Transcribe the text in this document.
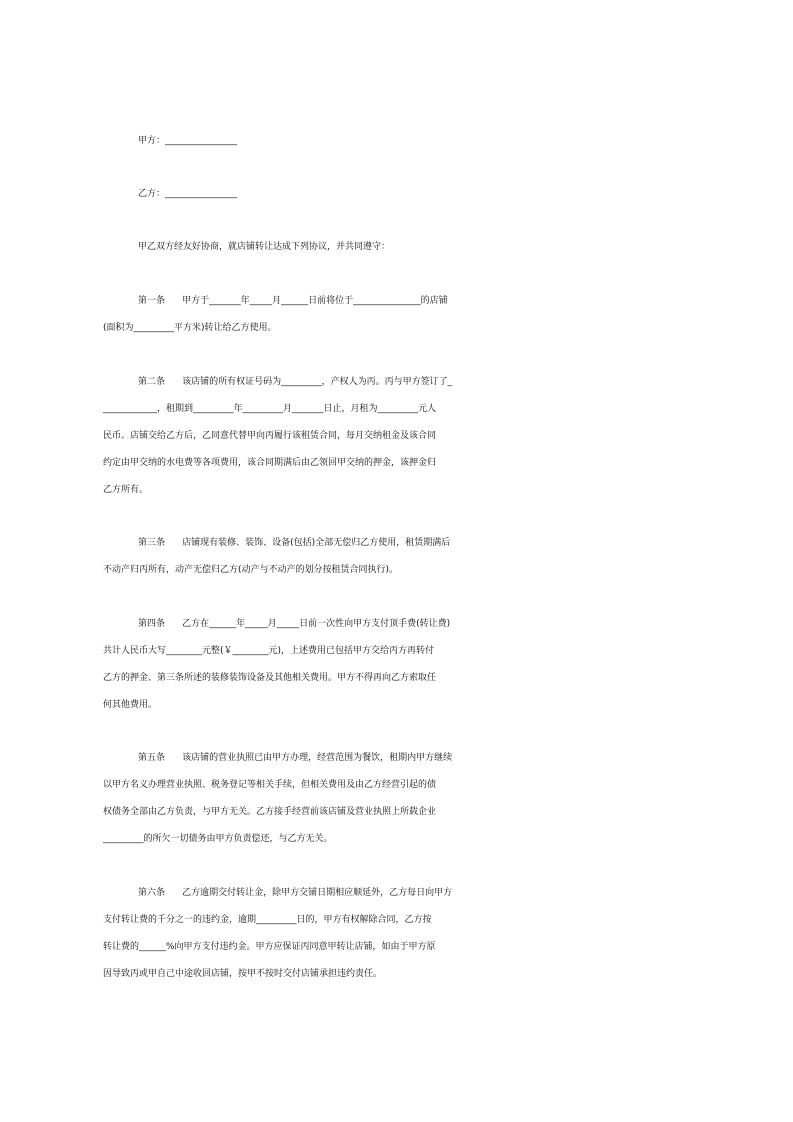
甲方：________________
乙方：________________
甲乙双方经友好协商，就店铺转让达成下列协议，并共同遵守：
第一条      甲方于_______年_____月______日前将位于_______________的店铺
(面积为_________平方米)转让给乙方使用。
第二条      该店铺的所有权证号码为_________，产权人为丙。丙与甲方签订了_
____________，租期到_________年_________月_______日止，月租为_________元人
民币。店铺交给乙方后，乙同意代替甲向丙履行该租赁合同，每月交纳租金及该合同
约定由甲交纳的水电费等各项费用，该合同期满后由乙领回甲交纳的押金，该押金归
乙方所有。
第三条      店铺现有装修、装饰、设备(包括)全部无偿归乙方使用，租赁期满后
不动产归丙所有，动产无偿归乙方(动产与不动产的划分按租赁合同执行)。
第四条      乙方在______年_____月_____日前一次性向甲方支付顶手费(转让费)
共计人民币大写________元整(￥________元)，上述费用已包括甲方交给丙方再转付
乙方的押金、第三条所述的装修装饰设备及其他相关费用。甲方不得再向乙方索取任
何其他费用。
第五条      该店铺的营业执照已由甲方办理，经营范围为餐饮，租期内甲方继续
以甲方名义办理营业执照、税务登记等相关手续，但相关费用及由乙方经营引起的债
权债务全部由乙方负责，与甲方无关。乙方接手经营前该店铺及营业执照上所载企业
_________的所欠一切债务由甲方负责偿还，与乙方无关。
第六条      乙方逾期交付转让金，除甲方交铺日期相应顺延外，乙方每日向甲方
支付转让费的千分之一的违约金，逾期_________日的，甲方有权解除合同，乙方按
转让费的______%向甲方支付违约金。甲方应保证丙同意甲转让店铺，如由于甲方原
因导致丙或甲自己中途收回店铺，按甲不按时交付店铺承担违约责任。
